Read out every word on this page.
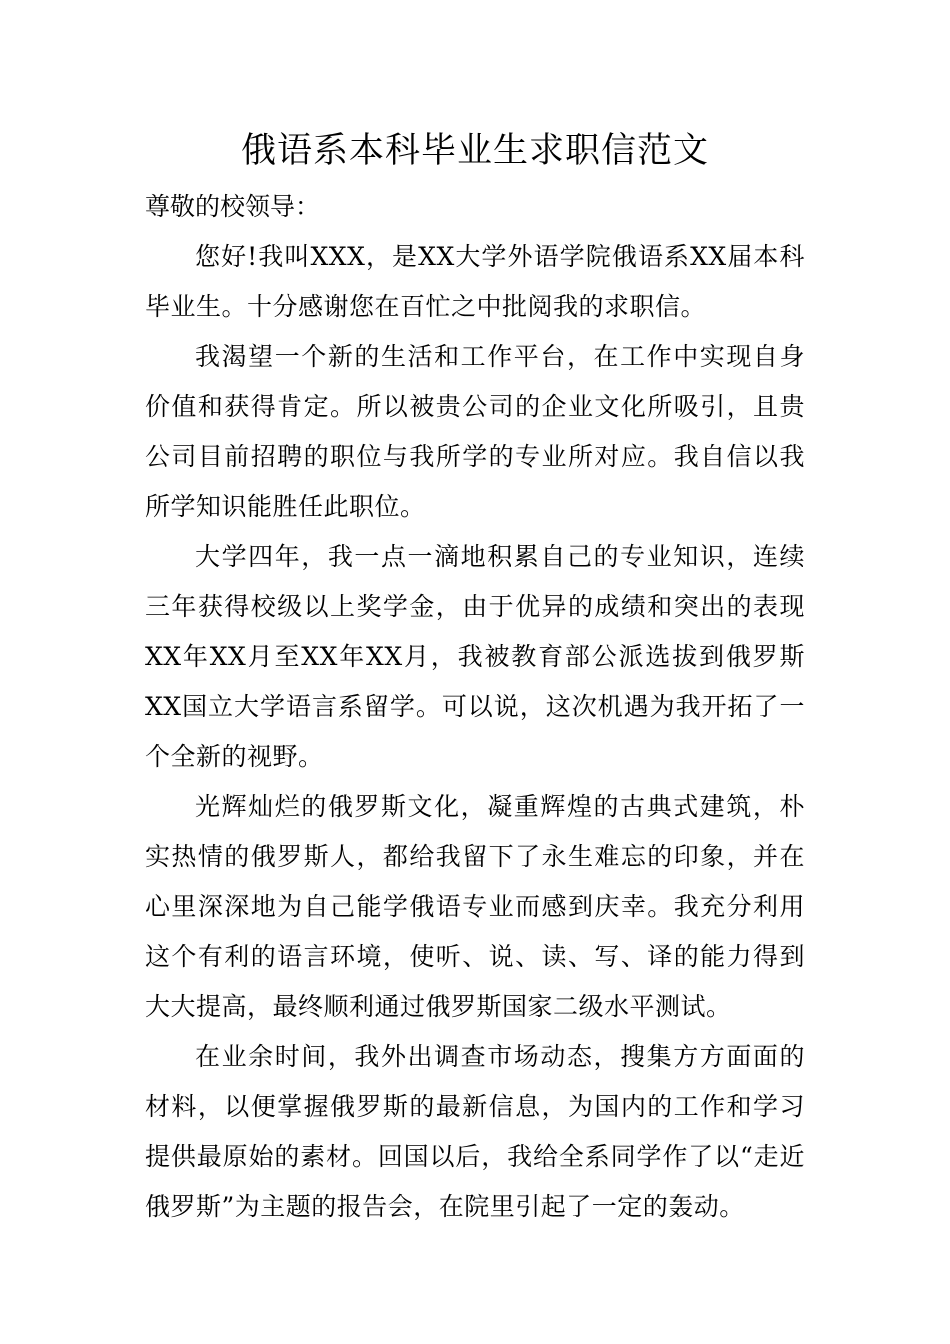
俄语系本科毕业生求职信范文

尊敬的校领导：

您好!我叫XXX，是XX大学外语学院俄语系XX届本科毕业生。十分感谢您在百忙之中批阅我的求职信。

我渴望一个新的生活和工作平台，在工作中实现自身价值和获得肯定。所以被贵公司的企业文化所吸引，且贵公司目前招聘的职位与我所学的专业所对应。我自信以我所学知识能胜任此职位。

大学四年，我一点一滴地积累自己的专业知识，连续三年获得校级以上奖学金，由于优异的成绩和突出的表现XX年XX月至XX年XX月，我被教育部公派选拔到俄罗斯XX国立大学语言系留学。可以说，这次机遇为我开拓了一个全新的视野。

光辉灿烂的俄罗斯文化，凝重辉煌的古典式建筑，朴实热情的俄罗斯人，都给我留下了永生难忘的印象，并在心里深深地为自己能学俄语专业而感到庆幸。我充分利用这个有利的语言环境，使听、说、读、写、译的能力得到大大提高，最终顺利通过俄罗斯国家二级水平测试。

在业余时间，我外出调查市场动态，搜集方方面面的材料，以便掌握俄罗斯的最新信息，为国内的工作和学习提供最原始的素材。回国以后，我给全系同学作了以“走近俄罗斯”为主题的报告会，在院里引起了一定的轰动。
